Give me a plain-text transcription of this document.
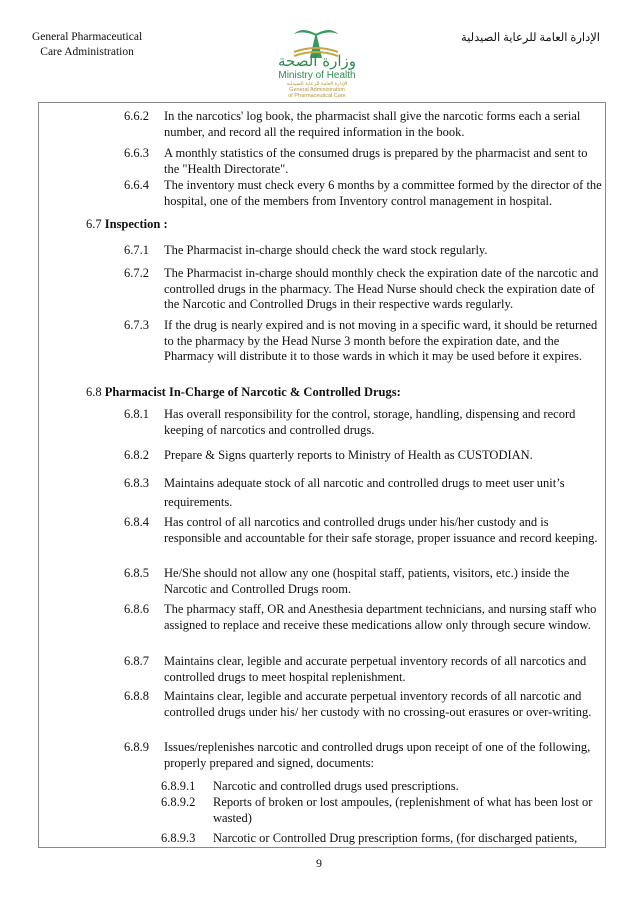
General Pharmaceutical
Care Administration
الإدارة العامة للرعاية الصيدلية
وزارة الصحة
Ministry of Health
الإدارة العامة للرعاية الصيدلية
General Administration
of Pharmaceutical Care
6.6.2	In the narcotics' log book, the pharmacist shall give the narcotic forms each a serial number, and record all the required information in the book.
6.6.3	A monthly statistics of the consumed drugs is prepared by the pharmacist and sent to the "Health Directorate".
6.6.4	The inventory must check every 6 months by a committee formed by the director of the hospital, one of the members from Inventory control management in hospital.
6.7 Inspection :
6.7.1	The Pharmacist in-charge should check the ward stock regularly.
6.7.2	The Pharmacist in-charge should monthly check the expiration date of the narcotic and controlled drugs in the pharmacy. The Head Nurse should check the expiration date of the Narcotic and Controlled Drugs in their respective wards regularly.
6.7.3	If the drug is nearly expired and is not moving in a specific ward, it should be returned to the pharmacy by the Head Nurse 3 month before the expiration date, and the Pharmacy will distribute it to those wards in which it may be used before it expires.
6.8 Pharmacist In-Charge of Narcotic & Controlled Drugs:
6.8.1	Has overall responsibility for the control, storage, handling, dispensing and record keeping of narcotics and controlled drugs.
6.8.2	Prepare & Signs quarterly reports to Ministry of Health as CUSTODIAN.
6.8.3	Maintains adequate stock of all narcotic and controlled drugs to meet user unit’s requirements.
6.8.4	Has control of all narcotics and controlled drugs under his/her custody and is responsible and accountable for their safe storage, proper issuance and record keeping.
6.8.5	He/She should not allow any one (hospital staff, patients, visitors, etc.) inside the Narcotic and Controlled Drugs room.
6.8.6	The pharmacy staff, OR and Anesthesia department technicians, and nursing staff who assigned to replace and receive these medications allow only through secure window.
6.8.7	Maintains clear, legible and accurate perpetual inventory records of all narcotics and controlled drugs to meet hospital replenishment.
6.8.8	Maintains clear, legible and accurate perpetual inventory records of all narcotic and controlled drugs under his/ her custody with no crossing-out erasures or over-writing.
6.8.9	Issues/replenishes narcotic and controlled drugs upon receipt of one of the following, properly prepared and signed, documents:
6.8.9.1	Narcotic and controlled drugs used prescriptions.
6.8.9.2	Reports of broken or lost ampoules, (replenishment of what has been lost or wasted)
6.8.9.3	Narcotic or Controlled Drug prescription forms, (for discharged patients,
9
